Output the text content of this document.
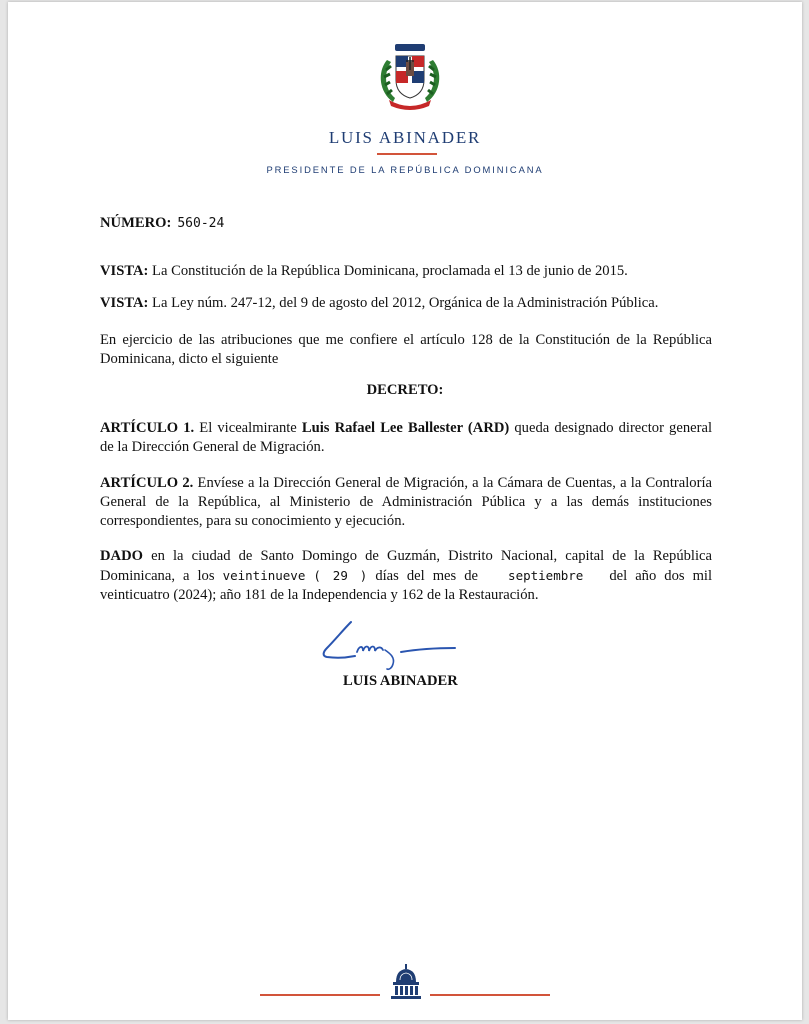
LUIS ABINADER
PRESIDENTE DE LA REPÚBLICA DOMINICANA
NÚMERO: 560-24
VISTA: La Constitución de la República Dominicana, proclamada el 13 de junio de 2015.
VISTA: La Ley núm. 247-12, del 9 de agosto del 2012, Orgánica de la Administración Pública.
En ejercicio de las atribuciones que me confiere el artículo 128 de la Constitución de la República Dominicana, dicto el siguiente
DECRETO:
ARTÍCULO 1. El vicealmirante Luis Rafael Lee Ballester (ARD) queda designado director general de la Dirección General de Migración.
ARTÍCULO 2. Envíese a la Dirección General de Migración, a la Cámara de Cuentas, a la Contraloría General de la República, al Ministerio de Administración Pública y a las demás instituciones correspondientes, para su conocimiento y ejecución.
DADO en la ciudad de Santo Domingo de Guzmán, Distrito Nacional, capital de la República Dominicana, a los veintinueve ( 29 ) días del mes de septiembre del año dos mil veinticuatro (2024); año 181 de la Independencia y 162 de la Restauración.
LUIS ABINADER
